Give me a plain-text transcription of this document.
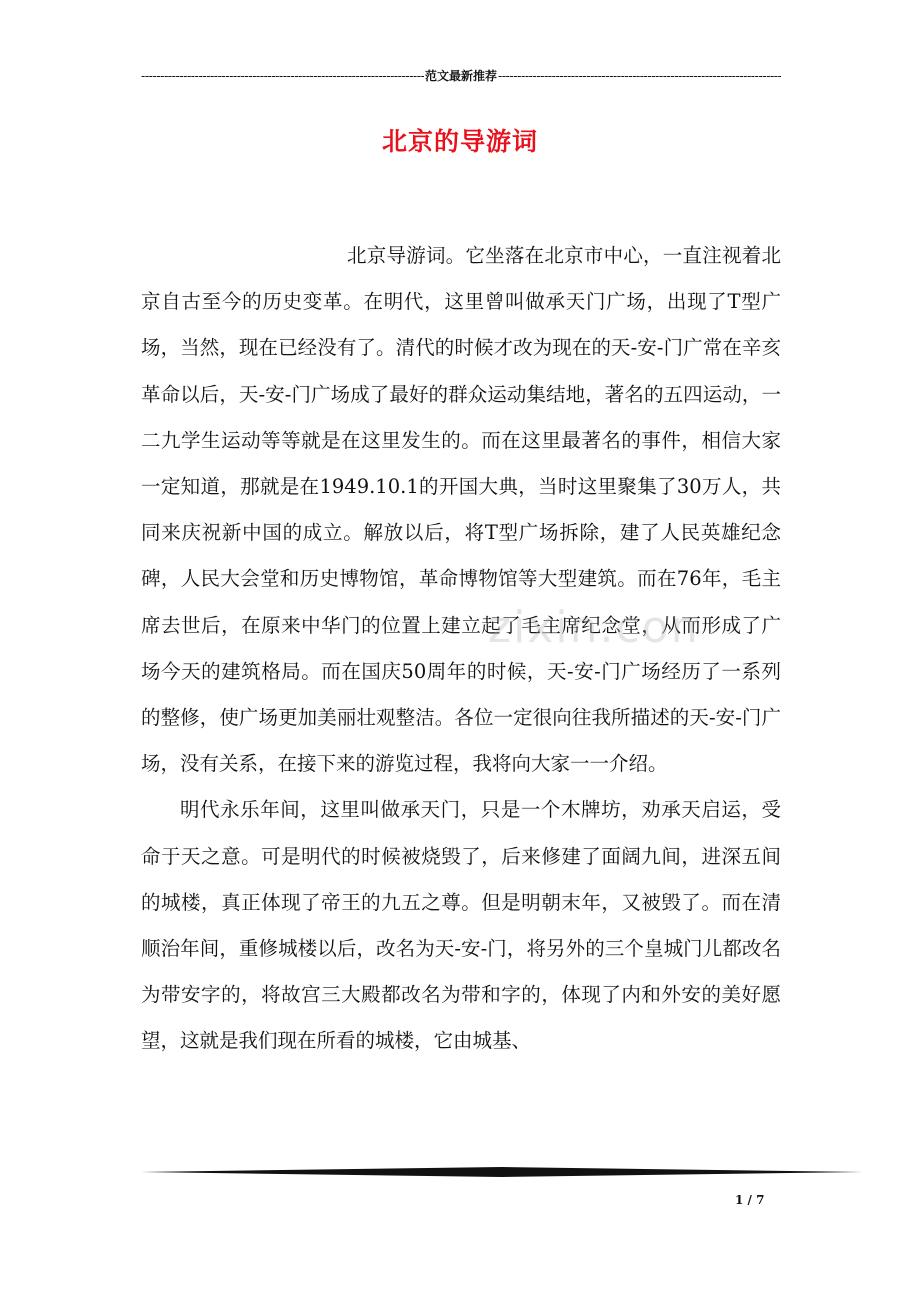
-----
范文最新推荐
-----
北京的导游词

北京导游词。它坐落在北京市中心，一直注视着北京自古至今的历史变革。在明代，这里曾叫做承天门广场，出现了T型广场，当然，现在已经没有了。清代的时候才改为现在的天-安-门广常在辛亥革命以后，天-安-门广场成了最好的群众运动集结地，著名的五四运动，一二九学生运动等等就是在这里发生的。而在这里最著名的事件，相信大家一定知道，那就是在1949.10.1的开国大典，当时这里聚集了30万人，共同来庆祝新中国的成立。解放以后，将T型广场拆除，建了人民英雄纪念碑，人民大会堂和历史博物馆，革命博物馆等大型建筑。而在76年，毛主席去世后，在原来中华门的位置上建立起了毛主席纪念堂，从而形成了广场今天的建筑格局。而在国庆50周年的时候，天-安-门广场经历了一系列的整修，使广场更加美丽壮观整洁。各位一定很向往我所描述的天-安-门广场，没有关系，在接下来的游览过程，我将向大家一一介绍。

明代永乐年间，这里叫做承天门，只是一个木牌坊，劝承天启运，受命于天之意。可是明代的时候被烧毁了，后来修建了面阔九间，进深五间的城楼，真正体现了帝王的九五之尊。但是明朝末年，又被毁了。而在清顺治年间，重修城楼以后，改名为天-安-门，将另外的三个皇城门儿都改名为带安字的，将故宫三大殿都改名为带和字的，体现了内和外安的美好愿望，这就是我们现在所看的城楼，它由城基、

zixin.com
1 / 7
